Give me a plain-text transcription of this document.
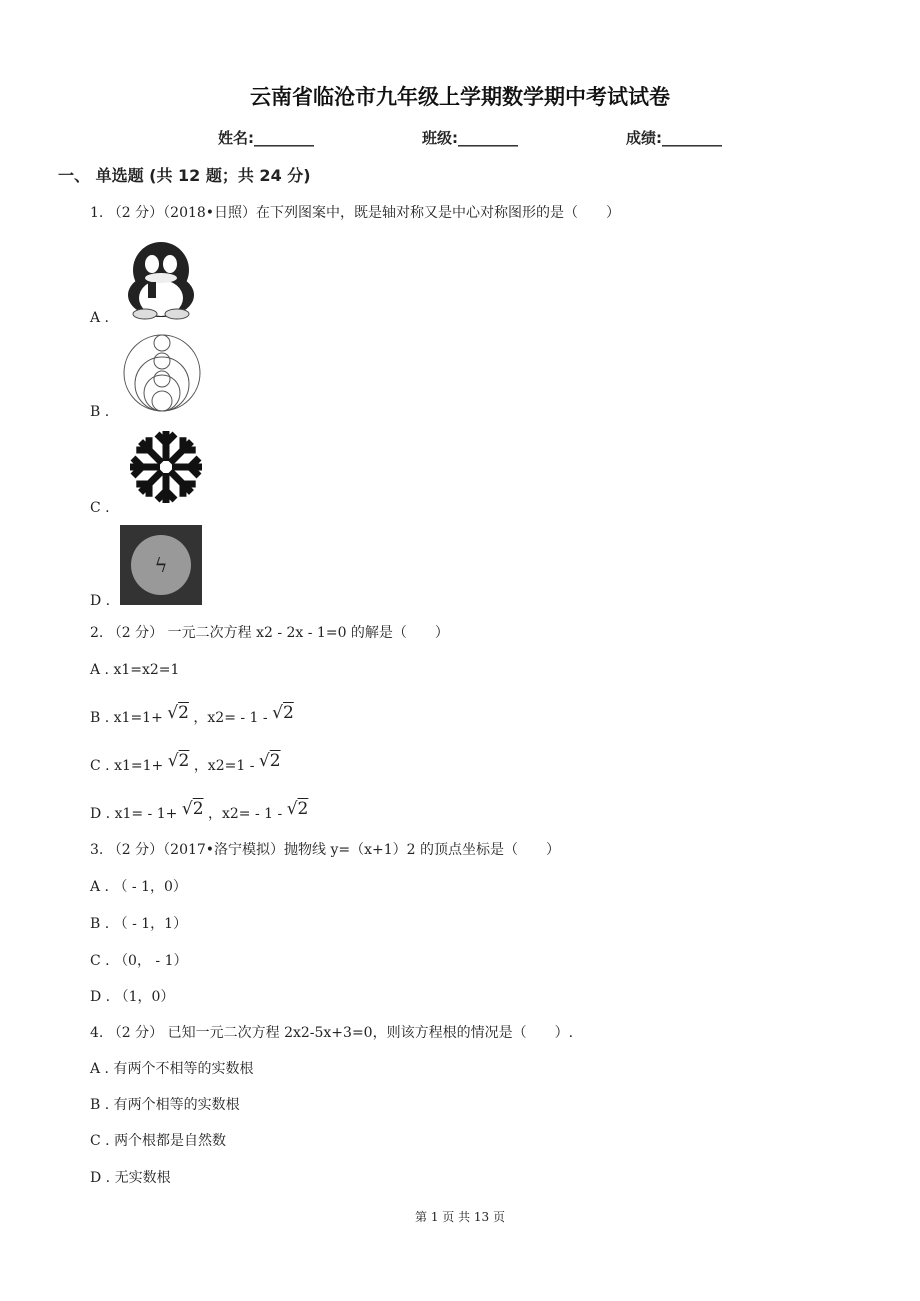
云南省临沧市九年级上学期数学期中考试试卷
姓名:________	班级:________	成绩:________
一、 单选题 (共 12 题；共 24 分)
1. （2 分）（2018•日照）在下列图案中，既是轴对称又是中心对称图形的是（　　）
A .
B .
C .
ϟ
D .
2. （2 分） 一元二次方程 x2 - 2x - 1=0 的解是（　　）
A . x1=x2=1
B . x1=1+ √2 ，x2= - 1 - √2
C . x1=1+ √2 ，x2=1 - √2
D . x1= - 1+ √2 ，x2= - 1 - √2
3. （2 分）（2017•洛宁模拟）抛物线 y=（x+1）2 的顶点坐标是（　　）
A . （ - 1，0）
B . （ - 1，1）
C . （0， - 1）
D . （1，0）
4. （2 分） 已知一元二次方程 2x2-5x+3=0，则该方程根的情况是（　　）.
A . 有两个不相等的实数根
B . 有两个相等的实数根
C . 两个根都是自然数
D . 无实数根
第 1 页 共 13 页
